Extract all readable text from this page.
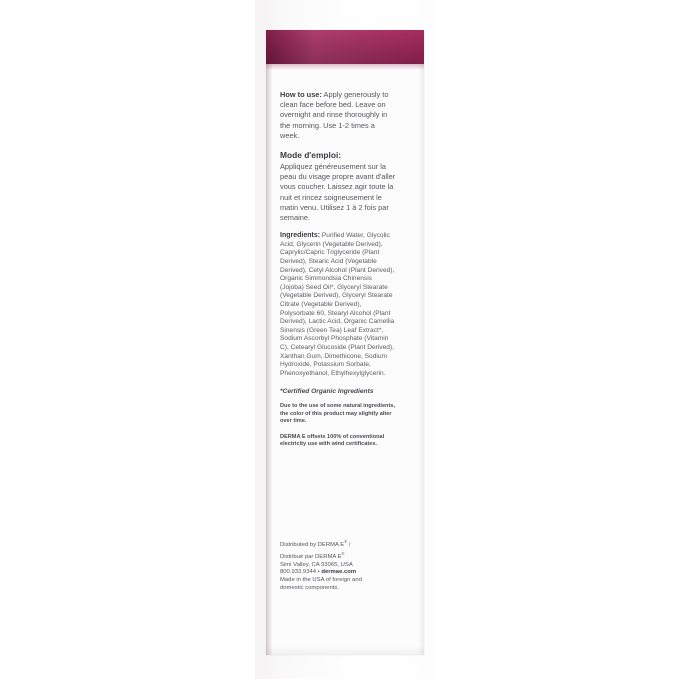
How to use: Apply generously to clean face before bed. Leave on overnight and rinse thoroughly in the morning. Use 1-2 times a week.
Mode d'emploi:
Appliquez généreusement sur la peau du visage propre avant d'aller vous coucher. Laissez agir toute la nuit et rincez soigneusement le matin venu. Utilisez 1 à 2 fois par semaine.
Ingredients: Purified Water, Glycolic Acid, Glycerin (Vegetable Derived), Caprylic/Capric Triglyceride (Plant Derived), Stearic Acid (Vegetable Derived), Cetyl Alcohol (Plant Derived), Organic Simmondsia Chinensis (Jojoba) Seed Oil*, Glyceryl Stearate (Vegetable Derived), Glyceryl Stearate Citrate (Vegetable Derived), Polysorbate 60, Stearyl Alcohol (Plant Derived), Lactic Acid, Organic Camellia Sinensis (Green Tea) Leaf Extract*, Sodium Ascorbyl Phosphate (Vitamin C), Cetearyl Glucoside (Plant Derived), Xanthan Gum, Dimethicone, Sodium Hydroxide, Potassium Sorbate, Phenoxyethanol, Ethylhexylglycerin.
*Certified Organic Ingredients
Due to the use of some natural ingredients, the color of this product may slightly alter over time.
DERMA E offsets 100% of conventional electricity use with wind certificates.
Distributed by DERMA E® /
Distribué par DERMA E®
Simi Valley, CA 93065, USA
800.933.9344 • dermae.com
Made in the USA of foreign and
domestic components.
